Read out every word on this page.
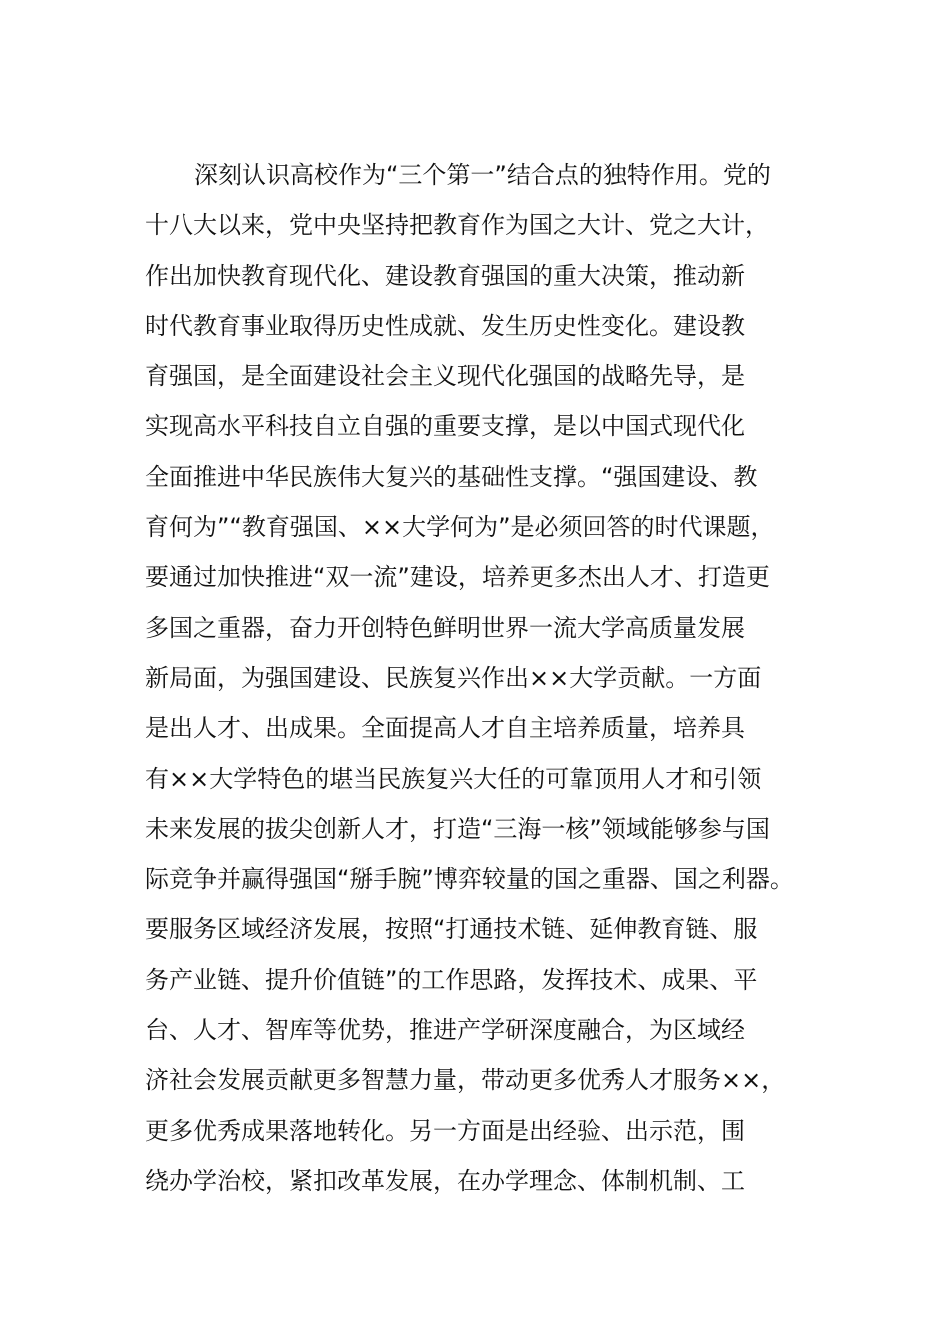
深刻认识高校作为“三个第一”结合点的独特作用。党的
十八大以来，党中央坚持把教育作为国之大计、党之大计，
作出加快教育现代化、建设教育强国的重大决策，推动新
时代教育事业取得历史性成就、发生历史性变化。建设教
育强国，是全面建设社会主义现代化强国的战略先导，是
实现高水平科技自立自强的重要支撑，是以中国式现代化
全面推进中华民族伟大复兴的基础性支撑。“强国建设、教
育何为”“教育强国、××大学何为”是必须回答的时代课题，
要通过加快推进“双一流”建设，培养更多杰出人才、打造更
多国之重器，奋力开创特色鲜明世界一流大学高质量发展
新局面，为强国建设、民族复兴作出××大学贡献。一方面
是出人才、出成果。全面提高人才自主培养质量，培养具
有××大学特色的堪当民族复兴大任的可靠顶用人才和引领
未来发展的拔尖创新人才，打造“三海一核”领域能够参与国
际竞争并赢得强国“掰手腕”博弈较量的国之重器、国之利器。
要服务区域经济发展，按照“打通技术链、延伸教育链、服
务产业链、提升价值链”的工作思路，发挥技术、成果、平
台、人才、智库等优势，推进产学研深度融合，为区域经
济社会发展贡献更多智慧力量，带动更多优秀人才服务××，
更多优秀成果落地转化。另一方面是出经验、出示范，围
绕办学治校，紧扣改革发展，在办学理念、体制机制、工
